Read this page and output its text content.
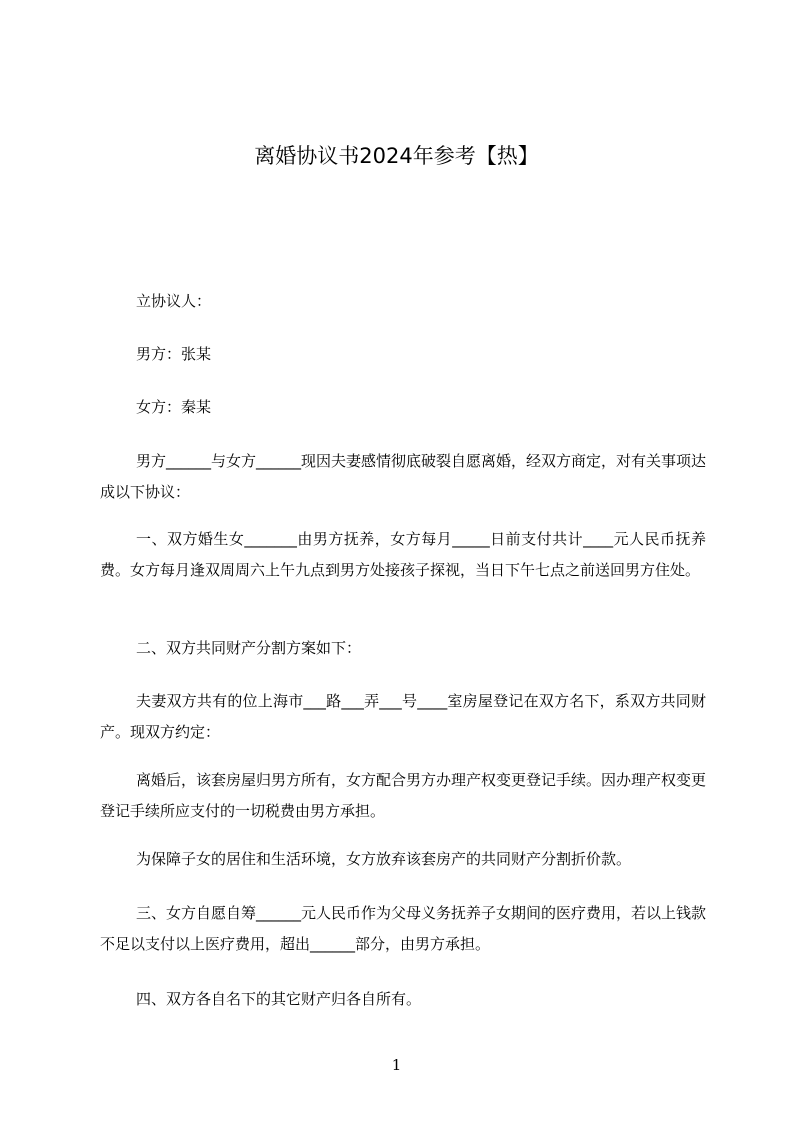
离婚协议书2024年参考【热】
立协议人：
男方：张某
女方：秦某
男方______与女方______现因夫妻感情彻底破裂自愿离婚，经双方商定，对有关事项达成以下协议：
一、双方婚生女_______由男方抚养，女方每月_____日前支付共计____元人民币抚养费。女方每月逢双周周六上午九点到男方处接孩子探视，当日下午七点之前送回男方住处。
二、双方共同财产分割方案如下：
夫妻双方共有的位上海市___路___弄___号____室房屋登记在双方名下，系双方共同财产。现双方约定：
离婚后，该套房屋归男方所有，女方配合男方办理产权变更登记手续。因办理产权变更登记手续所应支付的一切税费由男方承担。
为保障子女的居住和生活环境，女方放弃该套房产的共同财产分割折价款。
三、女方自愿自筹______元人民币作为父母义务抚养子女期间的医疗费用，若以上钱款不足以支付以上医疗费用，超出______部分，由男方承担。
四、双方各自名下的其它财产归各自所有。
1
